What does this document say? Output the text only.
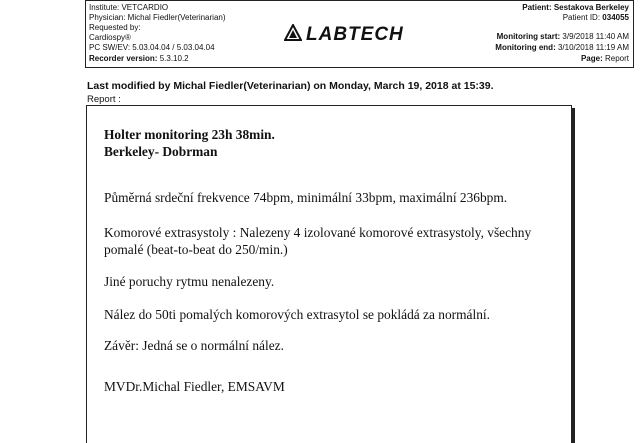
Institute: VETCARDIO
Physician: Michal Fiedler(Veterinarian)
Requested by:
Cardiospy®
PC SW/EV: 5.03.04.04 / 5.03.04.04
Recorder version: 5.3.10.2
LABTECH
Patient: Sestakova Berkeley
Patient ID: 034055
Monitoring start: 3/9/2018 11:40 AM
Monitoring end: 3/10/2018 11:19 AM
Page: Report
Last modified by Michal Fiedler(Veterinarian) on Monday, March 19, 2018 at 15:39.
Report :
Holter monitoring 23h 38min.
Berkeley- Dobrman
Půměrná srdeční frekvence 74bpm, minimální 33bpm, maximální 236bpm.
Komorové extrasystoly : Nalezeny 4 izolované komorové extrasystoly, všechny
pomalé (beat-to-beat do 250/min.)
Jiné poruchy rytmu nenalezeny.
Nález do 50ti pomalých komorových extrasytol se pokládá za normální.
Závěr: Jedná se o normální nález.
MVDr.Michal Fiedler, EMSAVM
